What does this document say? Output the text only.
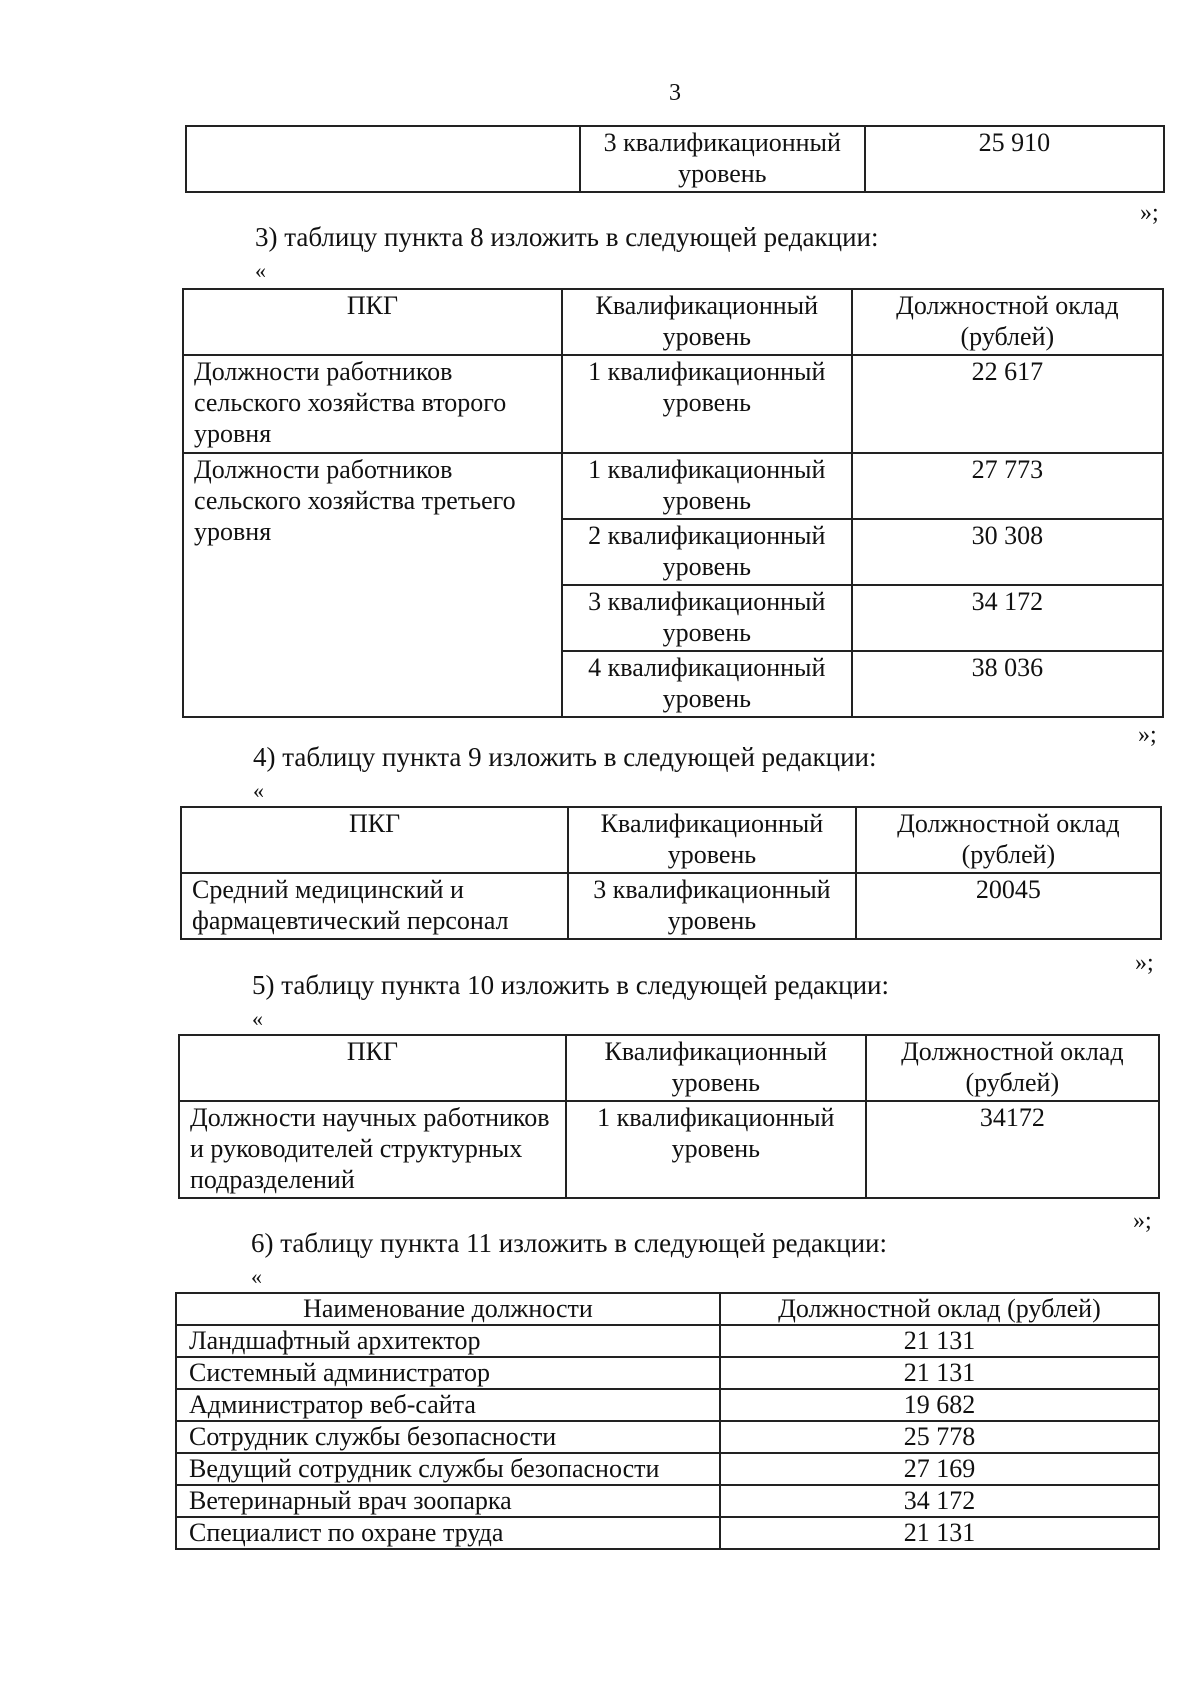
3
	3 квалификационный уровень	25 910
»;
3) таблицу пункта 8 изложить в следующей редакции:
«
ПКГ	Квалификационный уровень	Должностной оклад (рублей)
Должности работников сельского хозяйства второго уровня	1 квалификационный уровень	22 617
Должности работников сельского хозяйства третьего уровня	1 квалификационный уровень	27 773
	2 квалификационный уровень	30 308
	3 квалификационный уровень	34 172
	4 квалификационный уровень	38 036
»;
4) таблицу пункта 9 изложить в следующей редакции:
«
ПКГ	Квалификационный уровень	Должностной оклад (рублей)
Средний медицинский и фармацевтический персонал	3 квалификационный уровень	20045
»;
5) таблицу пункта 10 изложить в следующей редакции:
«
ПКГ	Квалификационный уровень	Должностной оклад (рублей)
Должности научных работников и руководителей структурных подразделений	1 квалификационный уровень	34172
»;
6) таблицу пункта 11 изложить в следующей редакции:
«
Наименование должности	Должностной оклад (рублей)
Ландшафтный архитектор	21 131
Системный администратор	21 131
Администратор веб-сайта	19 682
Сотрудник службы безопасности	25 778
Ведущий сотрудник службы безопасности	27 169
Ветеринарный врач зоопарка	34 172
Специалист по охране труда	21 131
